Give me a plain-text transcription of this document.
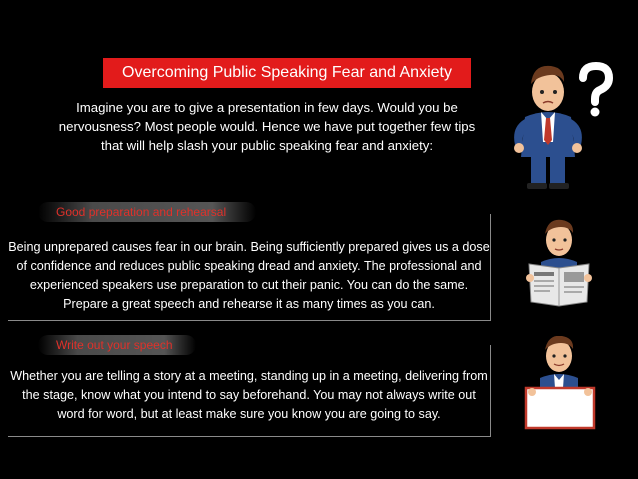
Overcoming Public Speaking Fear and Anxiety
Imagine you are to give a presentation in few days. Would you be nervousness? Most people would. Hence we have put together few tips that will help slash your public speaking fear and anxiety:
Good preparation and rehearsal
Being unprepared causes fear in our brain. Being sufficiently prepared gives us a dose of confidence and reduces public speaking dread and anxiety. The professional and experienced speakers use preparation to cut their panic. You can do the same. Prepare a great speech and rehearse it as many times as you can.
Write out your speech
Whether you are telling a story at a meeting, standing up in a meeting, delivering from the stage, know what you intend to say beforehand. You may not always write out word for word, but at least make sure you know you are going to say.
